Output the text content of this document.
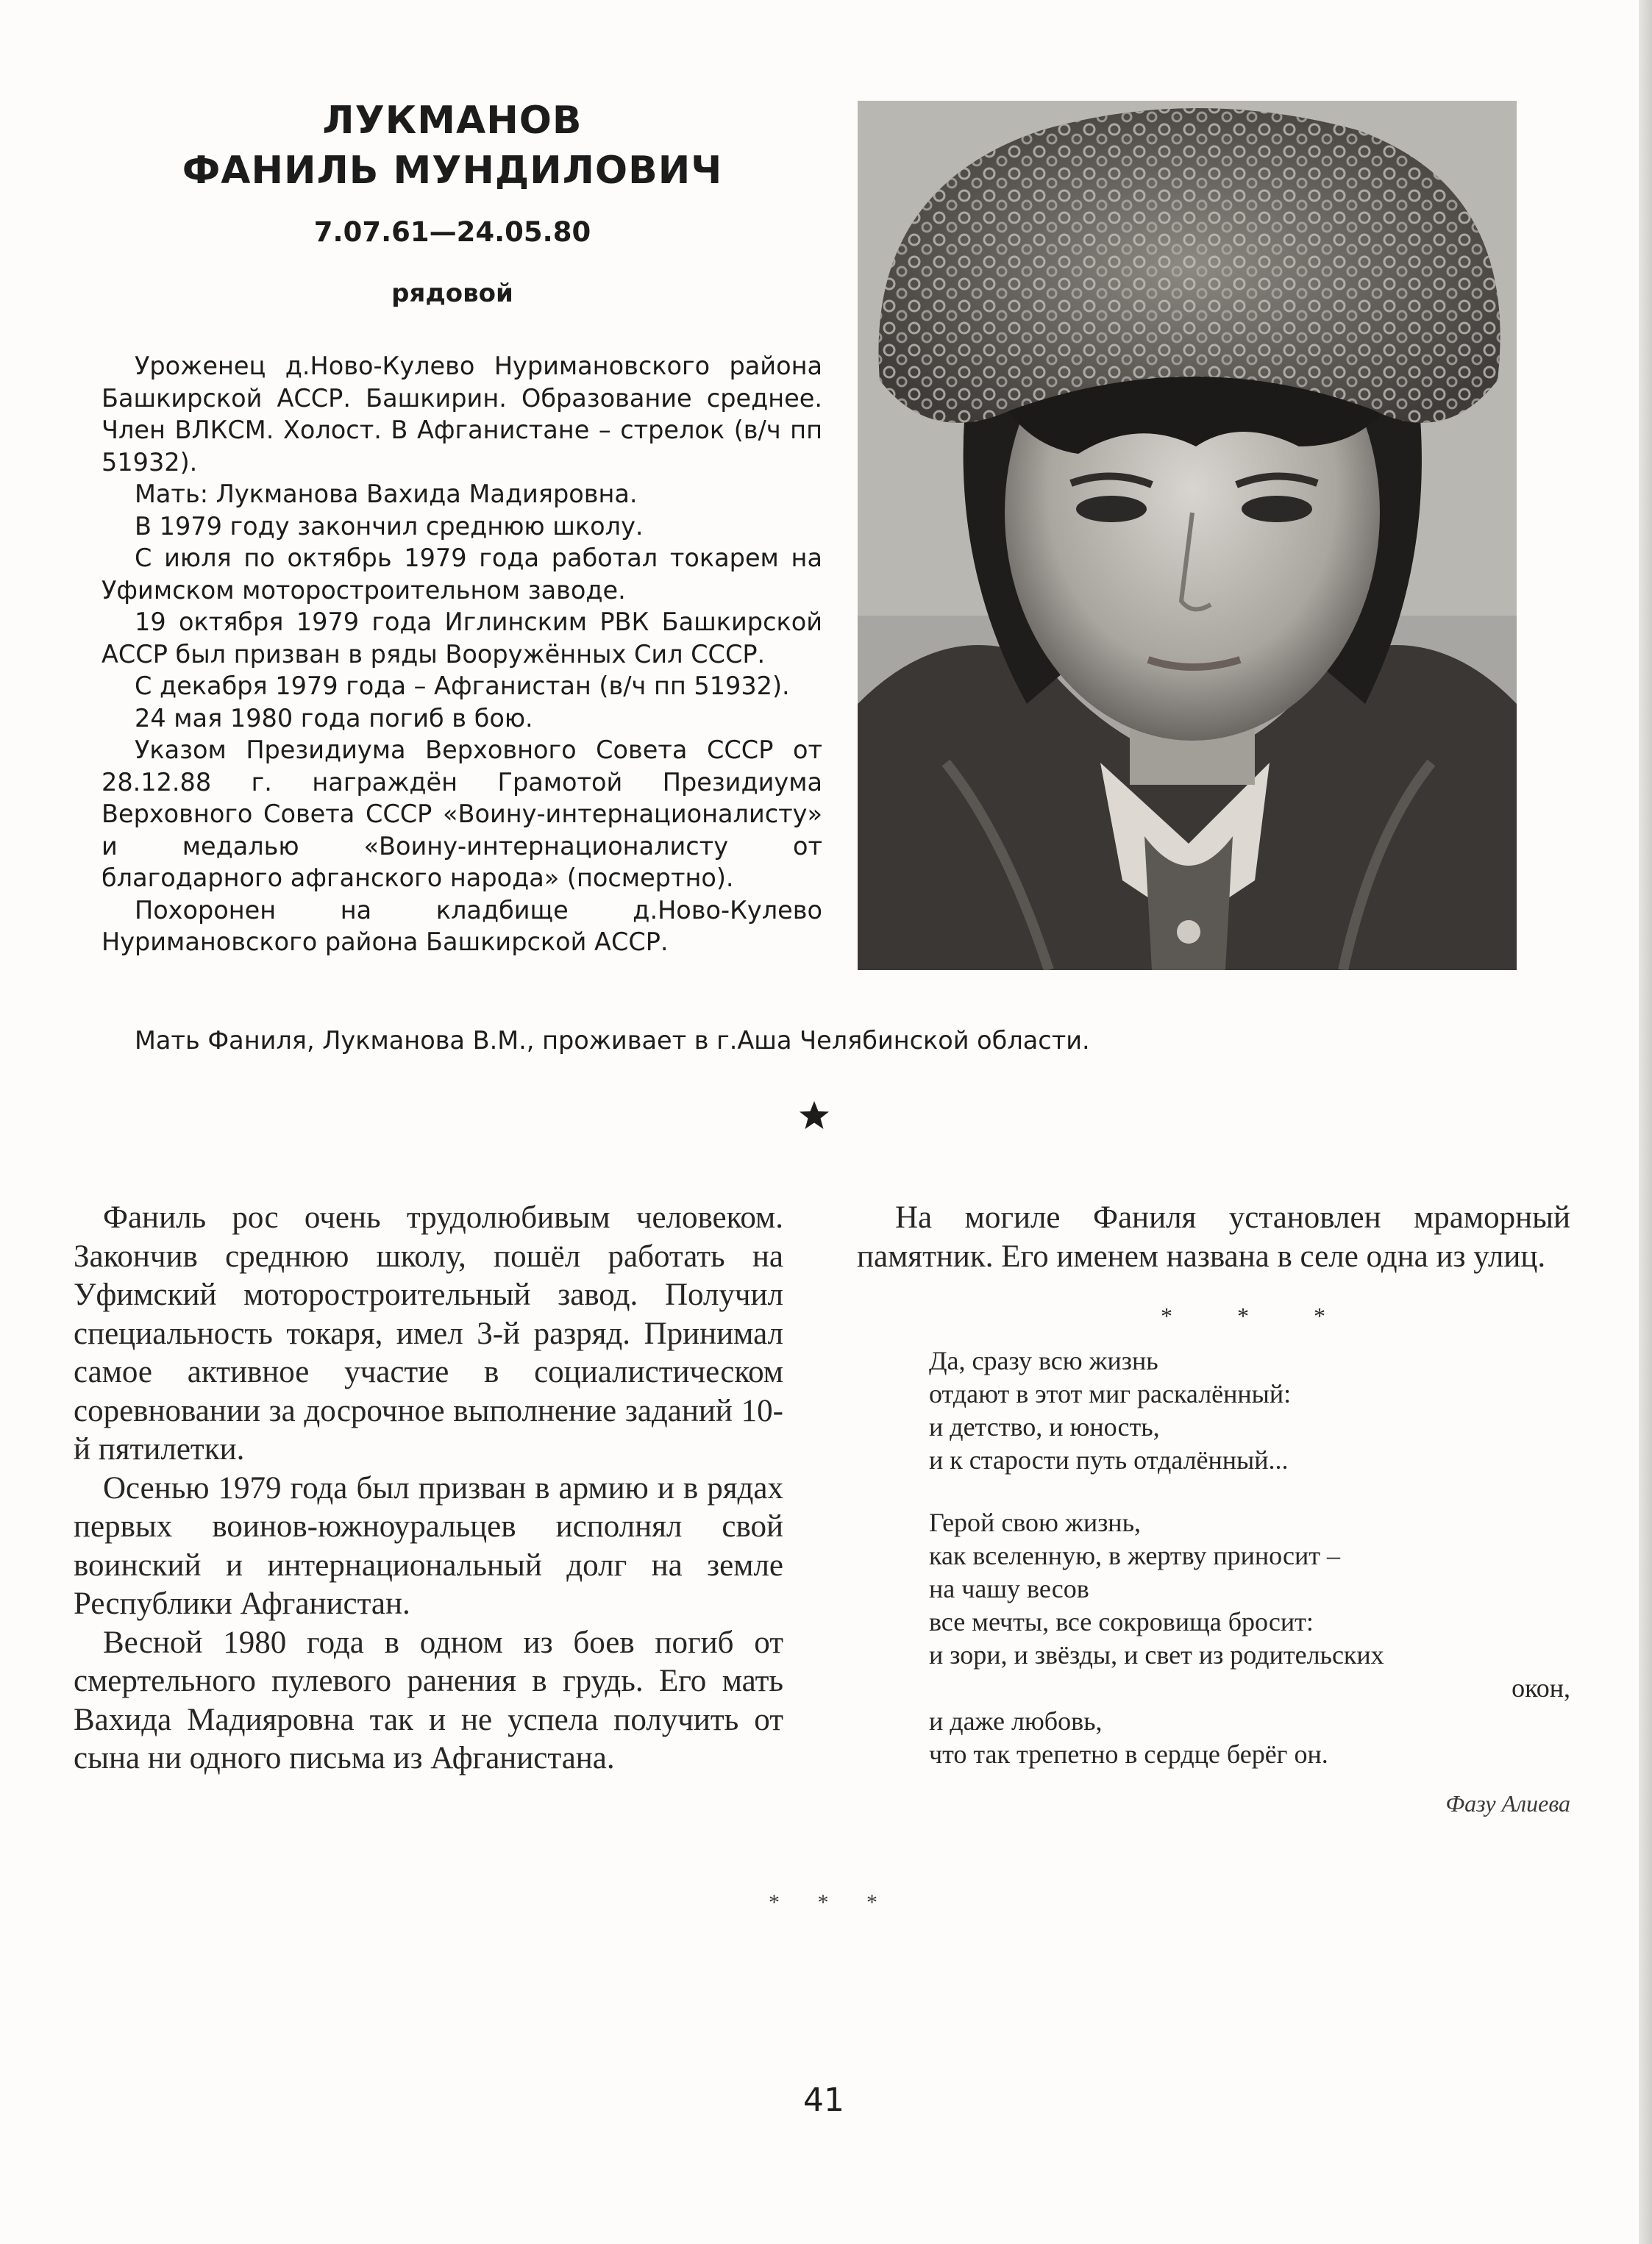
ЛУКМАНОВ
ФАНИЛЬ МУНДИЛОВИЧ
7.07.61—24.05.80
рядовой

Уроженец д.Ново-Кулево Нуримановского района Башкирской АССР. Башкирин. Образование среднее. Член ВЛКСМ. Холост. В Афганистане – стрелок (в/ч пп 51932).

Мать: Лукманова Вахида Мадияровна.

В 1979 году закончил среднюю школу.

С июля по октябрь 1979 года работал токарем на Уфимском моторостроительном заводе.

19 октября 1979 года Иглинским РВК Башкирской АССР был призван в ряды Вооружённых Сил СССР.

С декабря 1979 года – Афганистан (в/ч пп 51932).

24 мая 1980 года погиб в бою.

Указом Президиума Верховного Совета СССР от 28.12.88 г. награждён Грамотой Президиума Верховного Совета СССР «Воину-интернационалисту» и медалью «Воину-интернационалисту от благодарного афганского народа» (посмертно).

Похоронен на кладбище д.Ново-Кулево Нуримановского района Башкирской АССР.

Мать Фаниля, Лукманова В.М., проживает в г.Аша Челябинской области.

Фаниль рос очень трудолюбивым человеком. Закончив среднюю школу, пошёл работать на Уфимский моторостроительный завод. Получил специальность токаря, имел 3-й разряд. Принимал самое активное участие в социалистическом соревновании за досрочное выполнение заданий 10-й пятилетки.

Осенью 1979 года был призван в армию и в рядах первых воинов-южноуральцев исполнял свой воинский и интернациональный долг на земле Республики Афганистан.

Весной 1980 года в одном из боев погиб от смертельного пулевого ранения в грудь. Его мать Вахида Мадияровна так и не успела получить от сына ни одного письма из Афганистана.

На могиле Фаниля установлен мраморный памятник. Его именем названа в селе одна из улиц.

* * *
Да, сразу всю жизнь
отдают в этот миг раскалённый:
и детство, и юность,
и к старости путь отдалённый...
Герой свою жизнь,
как вселенную, в жертву приносит –
на чашу весов
все мечты, все сокровища бросит:
и зори, и звёзды, и свет из родительских
окон,
и даже любовь,
что так трепетно в сердце берёг он.
Фазу Алиева
* * *
41
